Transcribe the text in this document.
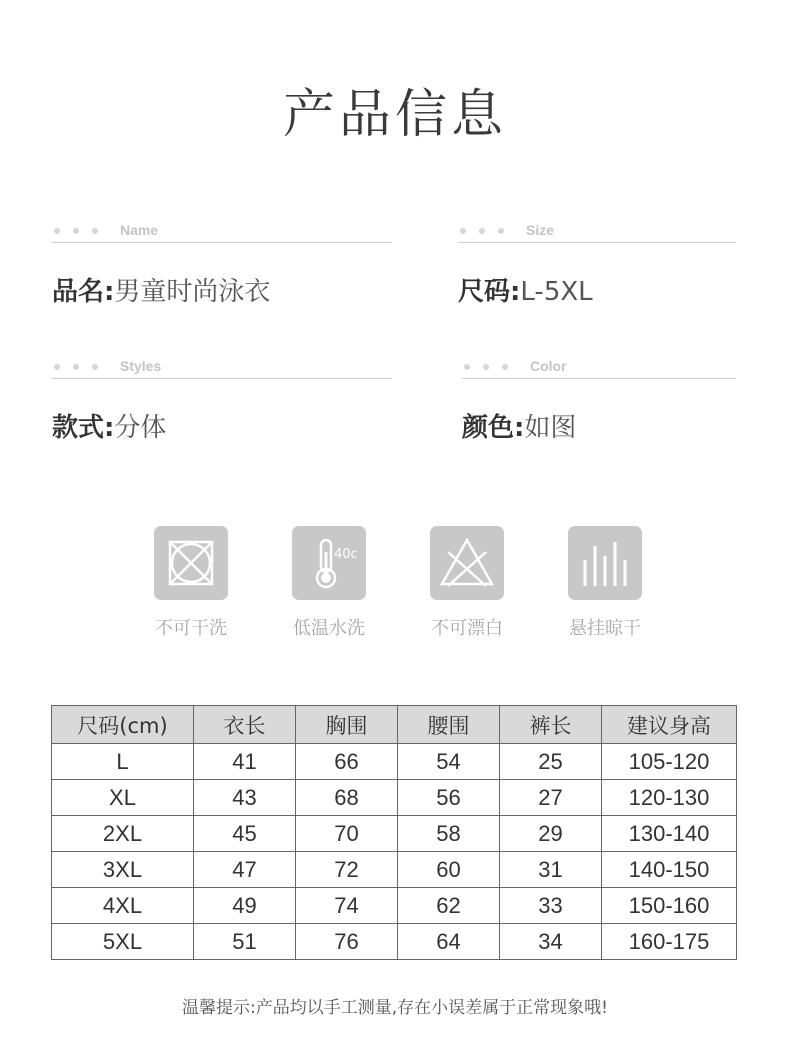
产品信息
Name
品名:男童时尚泳衣
Size
尺码:L-5XL
Styles
款式:分体
Color
颜色:如图
不可干洗
40c
低温水洗	不可漂白	悬挂晾干
尺码(cm)	衣长	胸围	腰围	裤长	建议身高
L	41	66	54	25	105-120
XL	43	68	56	27	120-130
2XL	45	70	58	29	130-140
3XL	47	72	60	31	140-150
4XL	49	74	62	33	150-160
5XL	51	76	64	34	160-175
温馨提示:产品均以手工测量,存在小误差属于正常现象哦!
